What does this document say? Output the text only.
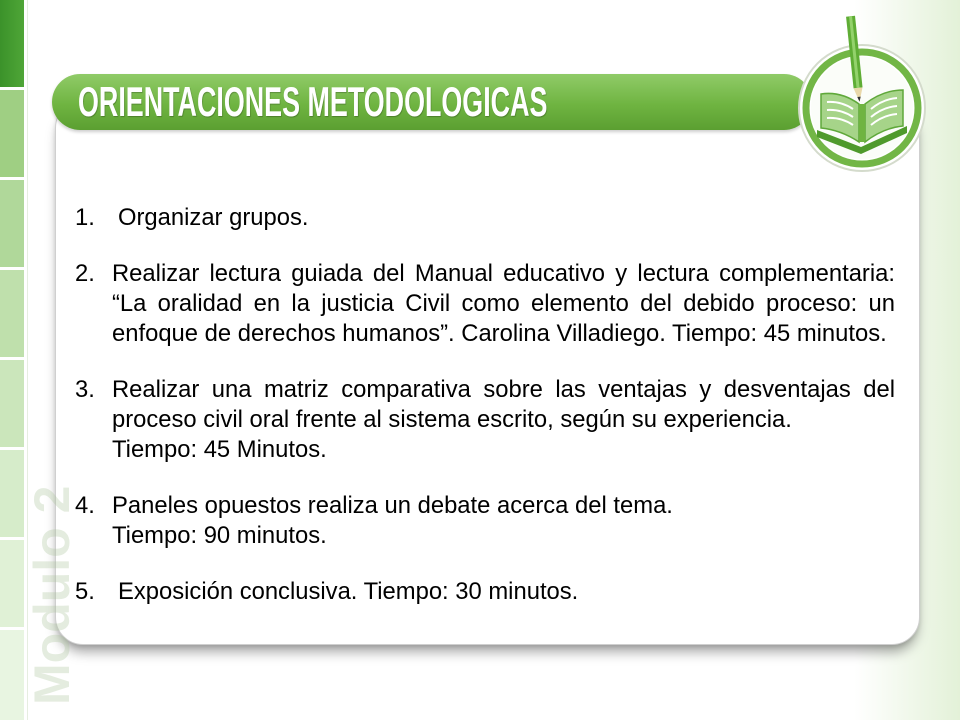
ORIENTACIONES METODOLOGICAS
Modulo 2
1. Organizar grupos.
2. Realizar lectura guiada del Manual educativo y lectura complementaria: “La oralidad en la justicia Civil como elemento del debido proceso: un enfoque de derechos humanos”. Carolina Villadiego. Tiempo: 45 minutos.
3. Realizar una matriz comparativa sobre las ventajas y desventajas del proceso civil oral frente al sistema escrito, según su experiencia.
Tiempo: 45 Minutos.
4. Paneles opuestos realiza un debate acerca del tema.
Tiempo: 90 minutos.
5. Exposición conclusiva. Tiempo: 30 minutos.
